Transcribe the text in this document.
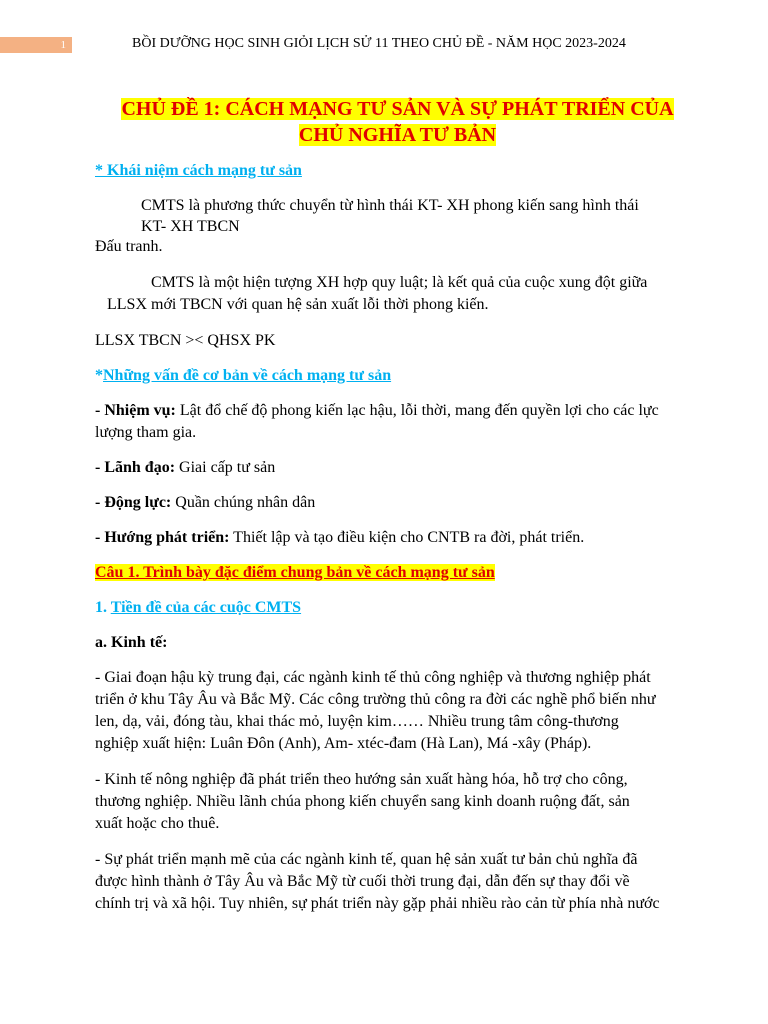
1	BỒI DƯỠNG HỌC SINH GIỎI LỊCH SỬ 11 THEO CHỦ ĐỀ - NĂM HỌC 2023-2024
CHỦ ĐỀ 1: CÁCH MẠNG TƯ SẢN VÀ SỰ PHÁT TRIỂN CỦA
CHỦ NGHĨA TƯ BẢN
* Khái niệm cách mạng tư sản
CMTS là phương thức chuyển từ hình thái KT- XH phong kiến sang hình thái
KT- XH TBCN
Đấu tranh.
CMTS là một hiện tượng XH hợp quy luật; là kết quả của cuộc xung đột giữa
LLSX mới TBCN với quan hệ sản xuất lỗi thời phong kiến.
LLSX TBCN >< QHSX PK
*Những vấn đề cơ bản về cách mạng tư sản
- Nhiệm vụ: Lật đổ chế độ phong kiến lạc hậu, lỗi thời, mang đến quyền lợi cho các lực
lượng tham gia.
- Lãnh đạo: Giai cấp tư sản
- Động lực: Quần chúng nhân dân
- Hướng phát triển: Thiết lập và tạo điều kiện cho CNTB ra đời, phát triển.
Câu 1. Trình bày đặc điểm chung bản về cách mạng tư sản
1. Tiền đề của các cuộc CMTS
a. Kinh tế:
- Giai đoạn hậu kỳ trung đại, các ngành kinh tế thủ công nghiệp và thương nghiệp phát
triển ở khu Tây Âu và Bắc Mỹ. Các công trường thủ công ra đời các nghề phổ biến như
len, dạ, vải, đóng tàu, khai thác mỏ, luyện kim…… Nhiều trung tâm công-thương
nghiệp xuất hiện: Luân Đôn (Anh), Am- xtéc-đam (Hà Lan), Má -xây (Pháp).
- Kinh tế nông nghiệp đã phát triển theo hướng sản xuất hàng hóa, hỗ trợ cho công,
thương nghiệp. Nhiều lãnh chúa phong kiến chuyển sang kinh doanh ruộng đất, sản
xuất hoặc cho thuê.
- Sự phát triển mạnh mẽ của các ngành kinh tế, quan hệ sản xuất tư bản chủ nghĩa đã
được hình thành ở Tây Âu và Bắc Mỹ từ cuối thời trung đại, dẫn đến sự thay đổi về
chính trị và xã hội. Tuy nhiên, sự phát triển này gặp phải nhiều rào cản từ phía nhà nước
